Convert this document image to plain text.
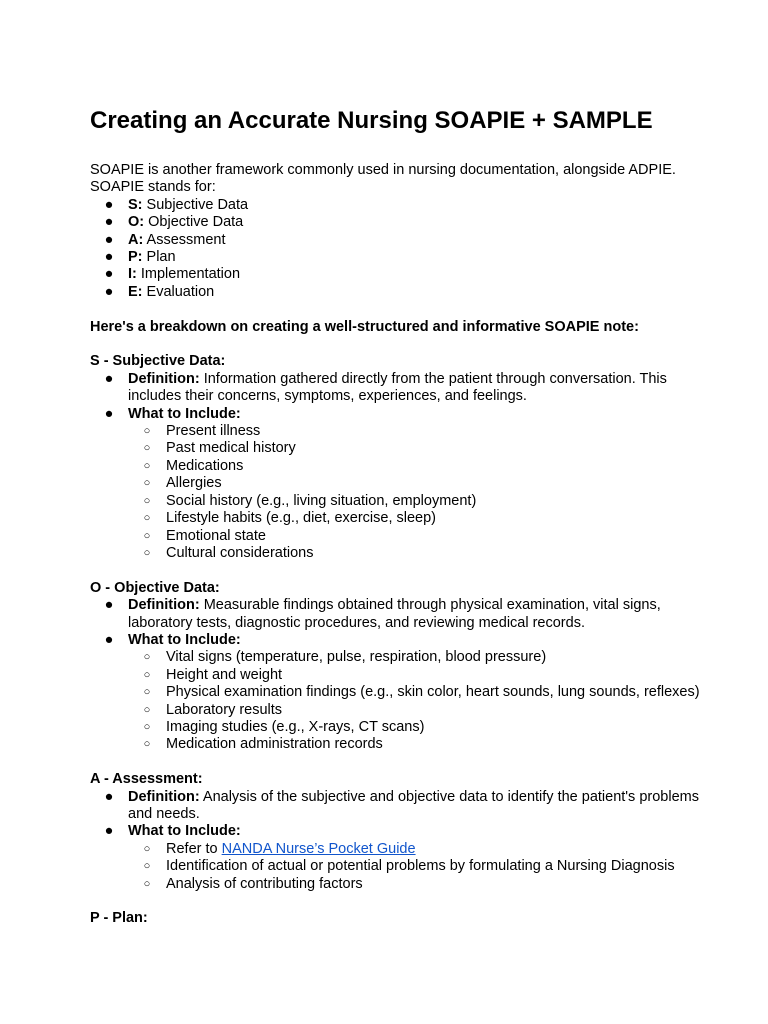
Creating an Accurate Nursing SOAPIE + SAMPLE

SOAPIE is another framework commonly used in nursing documentation, alongside ADPIE. SOAPIE stands for:

● S: Subjective Data
● O: Objective Data
● A: Assessment
● P: Plan
● I: Implementation
● E: Evaluation

Here's a breakdown on creating a well-structured and informative SOAPIE note:

S - Subjective Data:

● Definition: Information gathered directly from the patient through conversation. This includes their concerns, symptoms, experiences, and feelings.
● What to Include:
○ Present illness
○ Past medical history
○ Medications
○ Allergies
○ Social history (e.g., living situation, employment)
○ Lifestyle habits (e.g., diet, exercise, sleep)
○ Emotional state
○ Cultural considerations

O - Objective Data:

● Definition: Measurable findings obtained through physical examination, vital signs, laboratory tests, diagnostic procedures, and reviewing medical records.
● What to Include:
○ Vital signs (temperature, pulse, respiration, blood pressure)
○ Height and weight
○ Physical examination findings (e.g., skin color, heart sounds, lung sounds, reflexes)
○ Laboratory results
○ Imaging studies (e.g., X-rays, CT scans)
○ Medication administration records

A - Assessment:

● Definition: Analysis of the subjective and objective data to identify the patient's problems and needs.
● What to Include:
○ Refer to NANDA Nurse’s Pocket Guide
○ Identification of actual or potential problems by formulating a Nursing Diagnosis
○ Analysis of contributing factors

P - Plan:
